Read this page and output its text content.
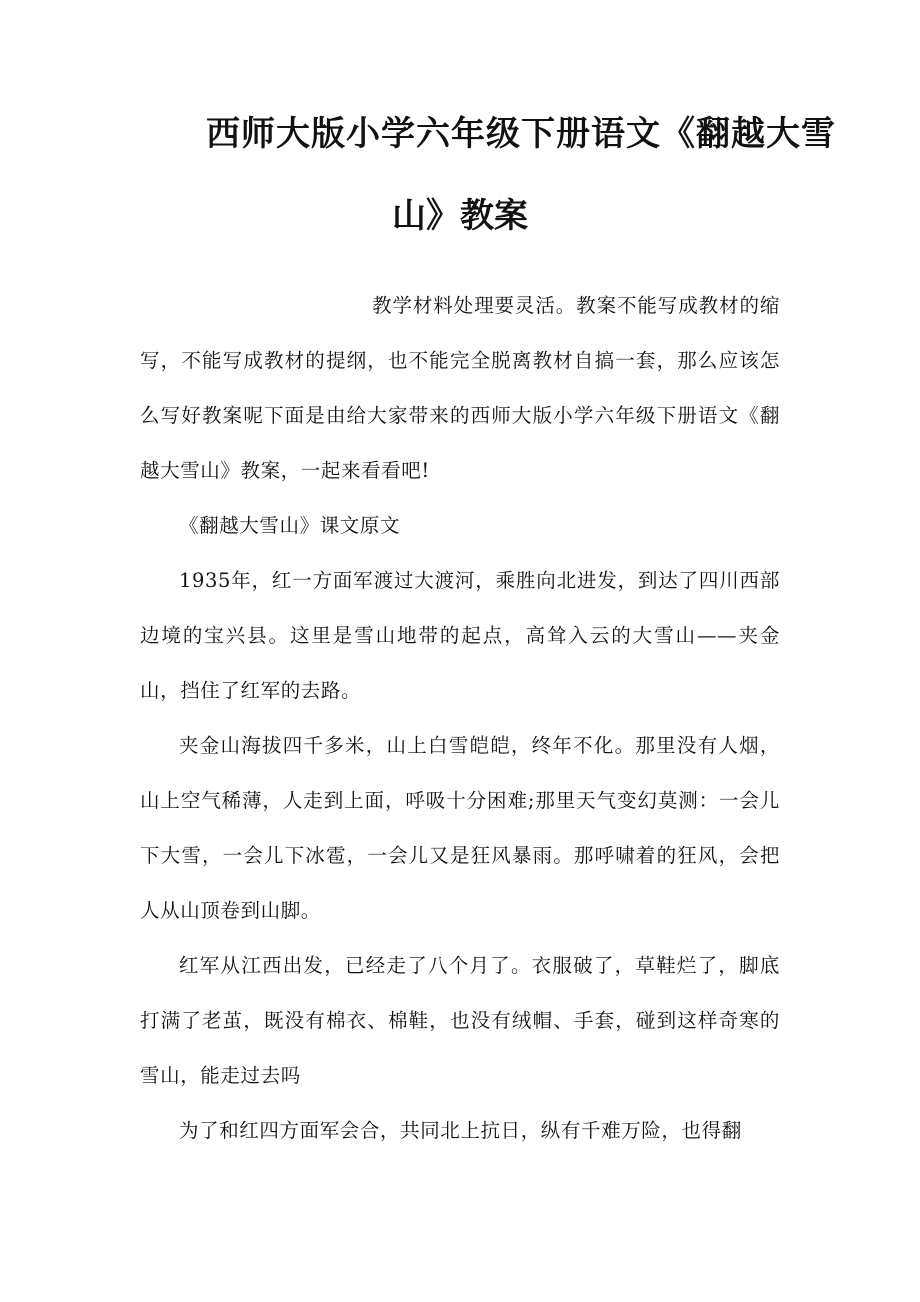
西师大版小学六年级下册语文《翻越大雪
山》教案

教学材料处理要灵活。教案不能写成教材的缩写，不能写成教材的提纲，也不能完全脱离教材自搞一套，那么应该怎么写好教案呢下面是由给大家带来的西师大版小学六年级下册语文《翻越大雪山》教案，一起来看看吧!

《翻越大雪山》课文原文

1935年，红一方面军渡过大渡河，乘胜向北进发，到达了四川西部边境的宝兴县。这里是雪山地带的起点，高耸入云的大雪山——夹金山，挡住了红军的去路。

夹金山海拔四千多米，山上白雪皑皑，终年不化。那里没有人烟，山上空气稀薄，人走到上面，呼吸十分困难;那里天气变幻莫测：一会儿下大雪，一会儿下冰雹，一会儿又是狂风暴雨。那呼啸着的狂风，会把人从山顶卷到山脚。

红军从江西出发，已经走了八个月了。衣服破了，草鞋烂了，脚底打满了老茧，既没有棉衣、棉鞋，也没有绒帽、手套，碰到这样奇寒的雪山，能走过去吗

为了和红四方面军会合，共同北上抗日，纵有千难万险，也得翻
